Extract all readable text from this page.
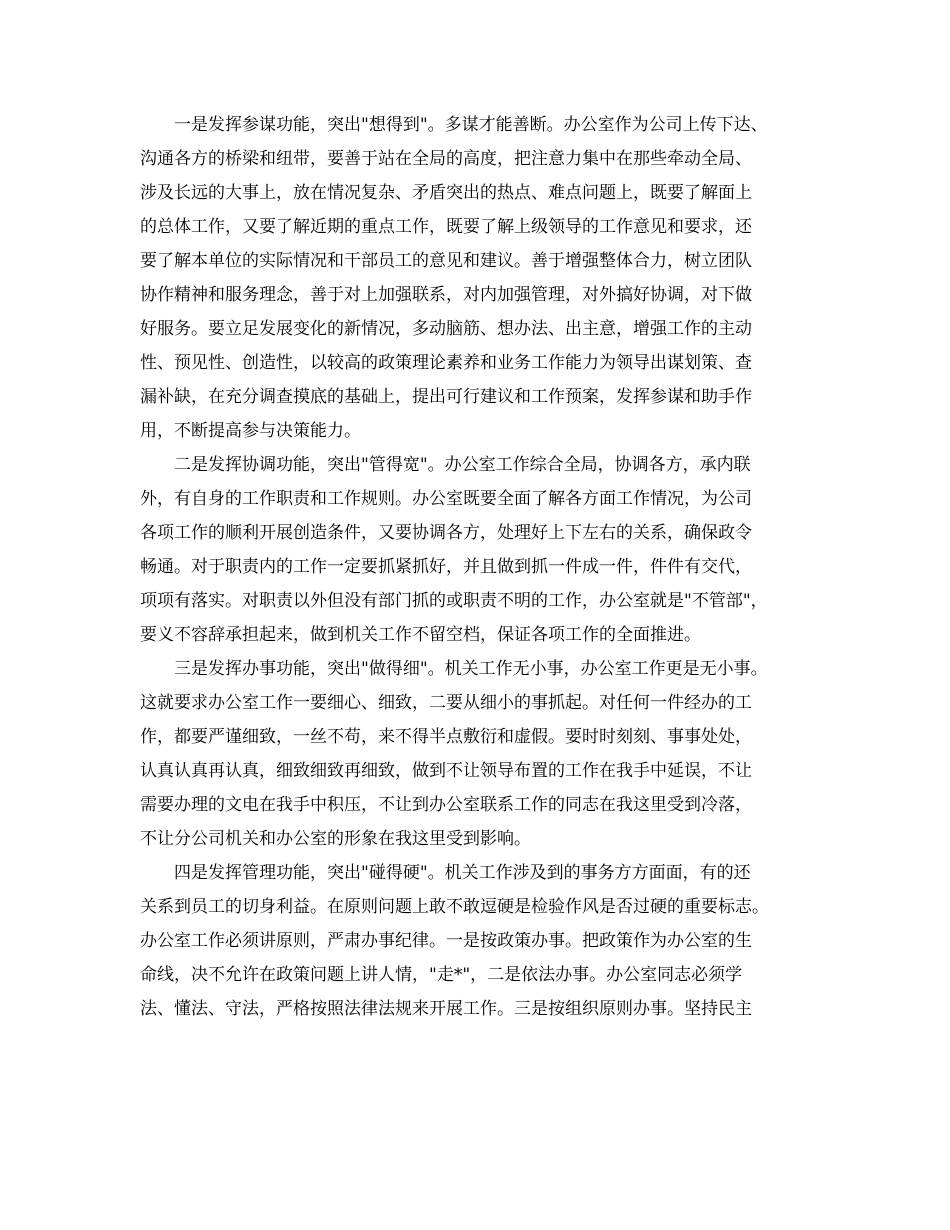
一是发挥参谋功能，突出"想得到"。多谋才能善断。办公室作为公司上传下达、
沟通各方的桥梁和纽带，要善于站在全局的高度，把注意力集中在那些牵动全局、
涉及长远的大事上，放在情况复杂、矛盾突出的热点、难点问题上，既要了解面上
的总体工作，又要了解近期的重点工作，既要了解上级领导的工作意见和要求，还
要了解本单位的实际情况和干部员工的意见和建议。善于增强整体合力，树立团队
协作精神和服务理念，善于对上加强联系，对内加强管理，对外搞好协调，对下做
好服务。要立足发展变化的新情况，多动脑筋、想办法、出主意，增强工作的主动
性、预见性、创造性，以较高的政策理论素养和业务工作能力为领导出谋划策、查
漏补缺，在充分调查摸底的基础上，提出可行建议和工作预案，发挥参谋和助手作
用，不断提高参与决策能力。
二是发挥协调功能，突出"管得宽"。办公室工作综合全局，协调各方，承内联
外，有自身的工作职责和工作规则。办公室既要全面了解各方面工作情况，为公司
各项工作的顺利开展创造条件，又要协调各方，处理好上下左右的关系，确保政令
畅通。对于职责内的工作一定要抓紧抓好，并且做到抓一件成一件，件件有交代，
项项有落实。对职责以外但没有部门抓的或职责不明的工作，办公室就是"不管部"，
要义不容辞承担起来，做到机关工作不留空档，保证各项工作的全面推进。
三是发挥办事功能，突出"做得细"。机关工作无小事，办公室工作更是无小事。
这就要求办公室工作一要细心、细致，二要从细小的事抓起。对任何一件经办的工
作，都要严谨细致，一丝不苟，来不得半点敷衍和虚假。要时时刻刻、事事处处，
认真认真再认真，细致细致再细致，做到不让领导布置的工作在我手中延误，不让
需要办理的文电在我手中积压，不让到办公室联系工作的同志在我这里受到冷落，
不让分公司机关和办公室的形象在我这里受到影响。
四是发挥管理功能，突出"碰得硬"。机关工作涉及到的事务方方面面，有的还
关系到员工的切身利益。在原则问题上敢不敢逗硬是检验作风是否过硬的重要标志。
办公室工作必须讲原则，严肃办事纪律。一是按政策办事。把政策作为办公室的生
命线，决不允许在政策问题上讲人情，"走*"，二是依法办事。办公室同志必须学
法、懂法、守法，严格按照法律法规来开展工作。三是按组织原则办事。坚持民主
